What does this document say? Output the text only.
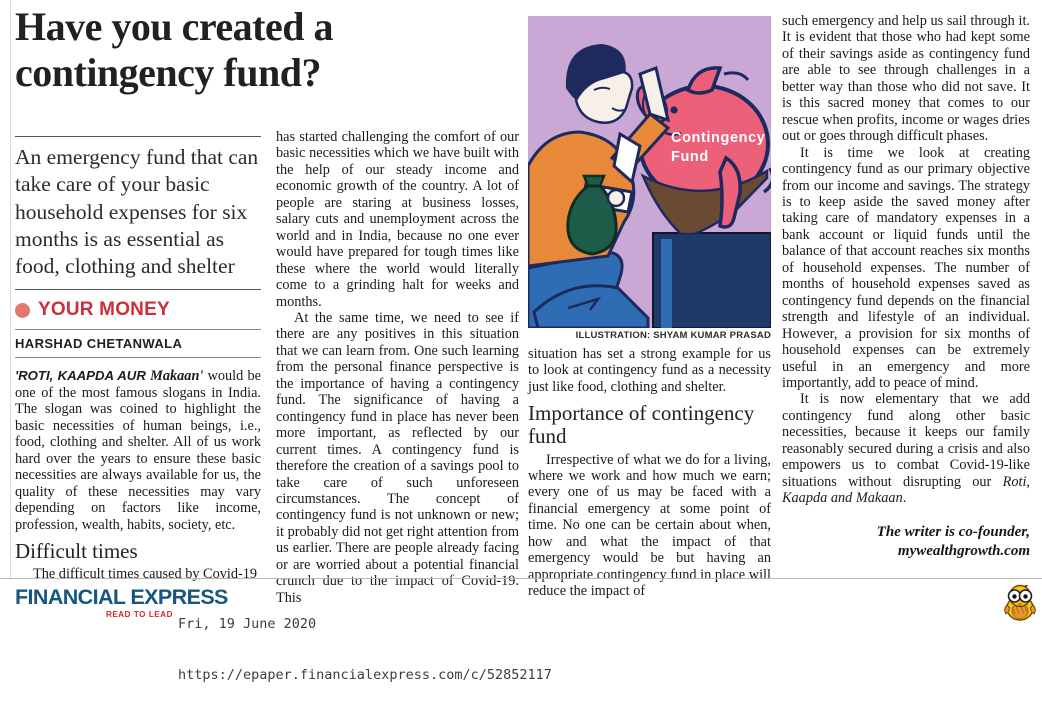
Have you created a
contingency fund?
An emergency fund that can take care of your basic household expenses for six months is as essential as food, clothing and shelter
YOUR MONEY
HARSHAD CHETANWALA

'ROTI, KAAPDA AUR Makaan' would be one of the most famous slogans in India. The slogan was coined to highlight the basic necessities of human beings, i.e., food, clothing and shelter. All of us work hard over the years to ensure these basic necessities are always available for us, the quality of these necessities may vary depending on factors like income, profession, wealth, habits, society, etc.

Difficult times

The difficult times caused by Covid-19

has started challenging the comfort of our basic necessities which we have built with the help of our steady income and economic growth of the country. A lot of people are staring at business losses, salary cuts and unemployment across the world and in India, because no one ever would have prepared for tough times like these where the world would literally come to a grinding halt for weeks and months.

At the same time, we need to see if there are any positives in this situation that we can learn from. One such learning from the personal finance perspective is the importance of having a contingency fund. The significance of having a contingency fund in place has never been more important, as reflected by our current times. A contingency fund is therefore the creation of a savings pool to take care of such unforeseen circumstances. The concept of contingency fund is not unknown or new; it probably did not get right attention from us earlier. There are people already facing or are worried about a potential financial crunch due to the impact of Covid-19. This

Contingency
Fund
ILLUSTRATION: SHYAM KUMAR PRASAD

situation has set a strong example for us to look at contingency fund as a necessity just like food, clothing and shelter.

Importance of contingency fund

Irrespective of what we do for a living, where we work and how much we earn; every one of us may be faced with a financial emergency at some point of time. No one can be certain about when, how and what the impact of that emergency would be but having an appropriate contingency fund in place will reduce the impact of

such emergency and help us sail through it. It is evident that those who had kept some of their savings aside as contingency fund are able to see through challenges in a better way than those who did not save. It is this sacred money that comes to our rescue when profits, income or wages dries out or goes through difficult phases.

It is time we look at creating contingency fund as our primary objective from our income and savings. The strategy is to keep aside the saved money after taking care of mandatory expenses in a bank account or liquid funds until the balance of that account reaches six months of household expenses. The number of months of household expenses saved as contingency fund depends on the financial strength and lifestyle of an individual. However, a provision for six months of household expenses can be extremely useful in an emergency and more importantly, add to peace of mind.

It is now elementary that we add contingency fund along other basic necessities, because it keeps our family reasonably secured during a crisis and also empowers us to combat Covid-19-like situations without disrupting our Roti, Kaapda and Makaan.

The writer is co-founder,
mywealthgrowth.com
FINANCIAL EXPRESS
READ TO LEAD

Fri, 19 June 2020

https://epaper.financialexpress.com/c/52852117
